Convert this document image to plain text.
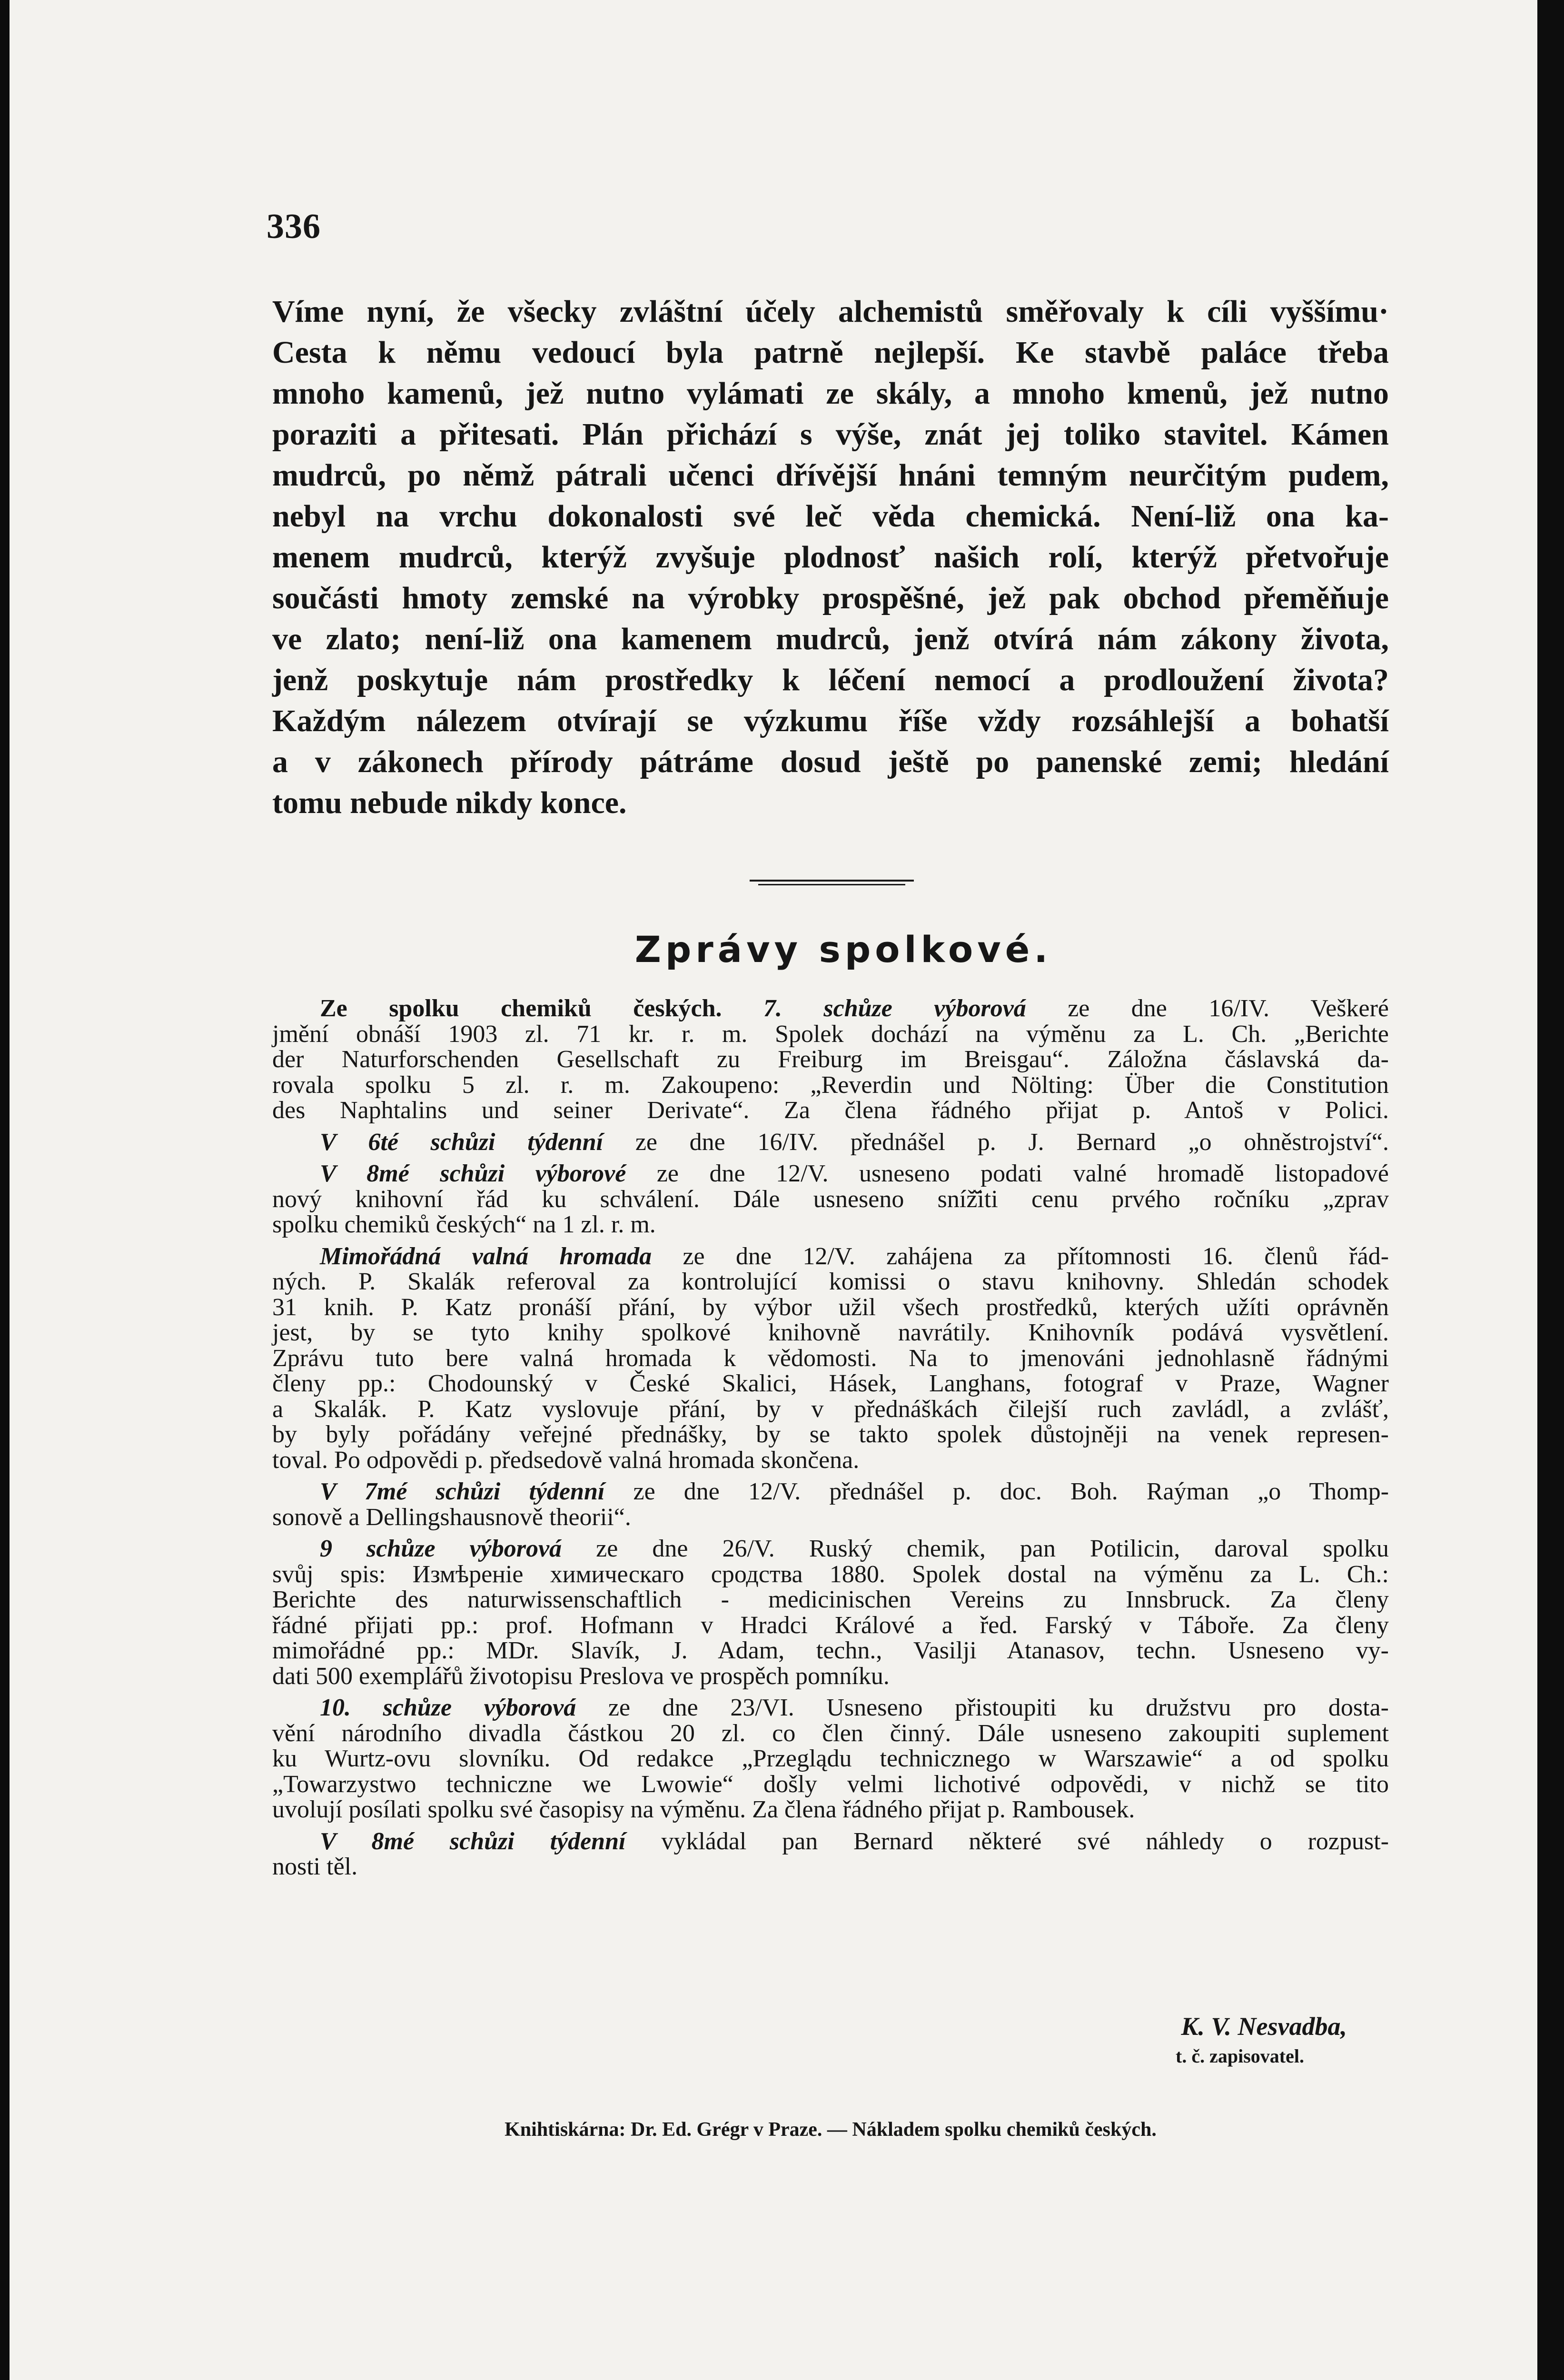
336
Víme nyní, že všecky zvláštní účely alchemistů směřovaly k cíli vyššímu·
Cesta k němu vedoucí byla patrně nejlepší. Ke stavbě paláce třeba
mnoho kamenů, jež nutno vylámati ze skály, a mnoho kmenů, jež nutno
poraziti a přitesati. Plán přichází s výše, znát jej toliko stavitel. Kámen
mudrců, po němž pátrali učenci dřívější hnáni temným neurčitým pudem,
nebyl na vrchu dokonalosti své leč věda chemická. Není-liž ona ka-
menem mudrců, kterýž zvyšuje plodnosť našich rolí, kterýž přetvořuje
součásti hmoty zemské na výrobky prospěšné, jež pak obchod přeměňuje
ve zlato; není-liž ona kamenem mudrců, jenž otvírá nám zákony života,
jenž poskytuje nám prostředky k léčení nemocí a prodloužení života?
Každým nálezem otvírají se výzkumu říše vždy rozsáhlejší a bohatší
a v zákonech přírody pátráme dosud ještě po panenské zemi; hledání
tomu nebude nikdy konce.
Zprávy spolkové.
Ze spolku chemiků českých. 7. schůze výborová ze dne 16/IV. Veškeré
jmění obnáší 1903 zl. 71 kr. r. m. Spolek dochází na výměnu za L. Ch. „Berichte
der Naturforschenden Gesellschaft zu Freiburg im Breisgau“. Záložna čáslavská da-
rovala spolku 5 zl. r. m. Zakoupeno: „Reverdin und Nölting: Über die Constitution
des Naphtalins und seiner Derivate“. Za člena řádného přijat p. Antoš v Polici.
V 6té schůzi týdenní ze dne 16/IV. přednášel p. J. Bernard „o ohněstrojství“.
V 8mé schůzi výborové ze dne 12/V. usneseno podati valné hromadě listopadové
nový knihovní řád ku schválení. Dále usneseno sníž̌iti cenu prvého ročníku „zprav
spolku chemiků českých“ na 1 zl. r. m.
Mimořádná valná hromada ze dne 12/V. zahájena za přítomnosti 16. členů řád-
ných. P. Skalák referoval za kontrolující komissi o stavu knihovny. Shledán schodek
31 knih. P. Katz pronáší přání, by výbor užil všech prostředků, kterých užíti oprávněn
jest, by se tyto knihy spolkové knihovně navrátily. Knihovník podává vysvětlení.
Zprávu tuto bere valná hromada k vědomosti. Na to jmenováni jednohlasně řádnými
členy pp.: Chodounský v České Skalici, Hásek, Langhans, fotograf v Praze, Wagner
a Skalák. P. Katz vyslovuje přání, by v přednáškách čilejší ruch zavládl, a zvlášť,
by byly pořádány veřejné přednášky, by se takto spolek důstojněji na venek represen-
toval. Po odpovědi p. předsedově valná hromada skončena.
V 7mé schůzi týdenní ze dne 12/V. přednášel p. doc. Boh. Raýman „o Thomp-
sonově a Dellingshausnově theorii“.
9 schůze výborová ze dne 26/V. Ruský chemik, pan Potilicin, daroval spolku
svůj spis: Измѣреніе химическаго сродства 1880. Spolek dostal na výměnu za L. Ch.:
Berichte des naturwissenschaftlich - medicinischen Vereins zu Innsbruck. Za členy
řádné přijati pp.: prof. Hofmann v Hradci Králové a řed. Farský v Táboře. Za členy
mimořádné pp.: MDr. Slavík, J. Adam, techn., Vasilji Atanasov, techn. Usneseno vy-
dati 500 exemplářů životopisu Preslova ve prospěch pomníku.
10. schůze výborová ze dne 23/VI. Usneseno přistoupiti ku družstvu pro dosta-
vění národního divadla částkou 20 zl. co člen činný. Dále usneseno zakoupiti suplement
ku Wurtz-ovu slovníku. Od redakce „Przeglądu technicznego w Warszawie“ a od spolku
„Towarzystwo techniczne we Lwowie“ došly velmi lichotivé odpovědi, v nichž se tito
uvolují posílati spolku své časopisy na výměnu. Za člena řádného přijat p. Rambousek.
V 8mé schůzi týdenní vykládal pan Bernard některé své náhledy o rozpust-
nosti těl.
K. V. Nesvadba,
t. č. zapisovatel.
Knihtiskárna: Dr. Ed. Grégr v Praze. — Nákladem spolku chemiků českých.
